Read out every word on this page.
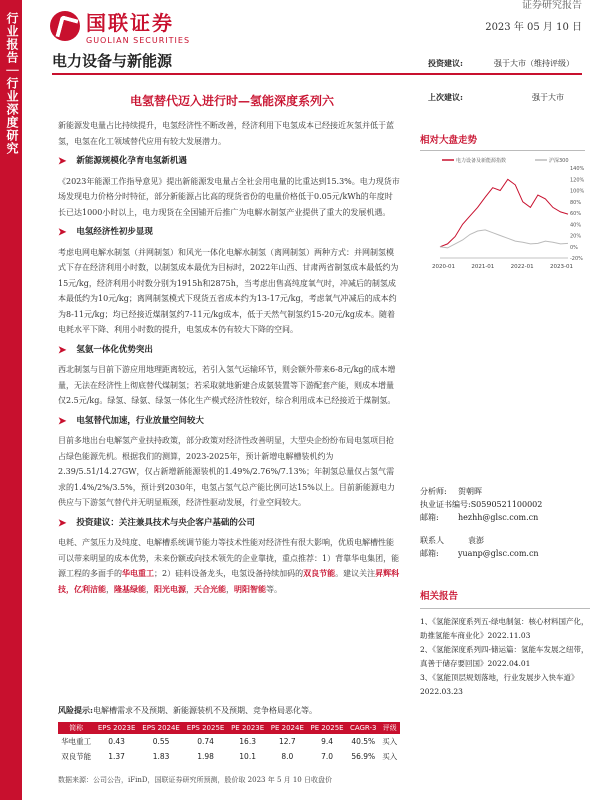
行业报告｜行业深度研究
证券研究报告
国联证券
GUOLIAN SECURITIES
2023 年 05 月 10 日
电力设备与新能源	投资建议:	强于大市（维持评级）
上次建议:	强于大市
电氢替代迈入进行时—氢能深度系列六

新能源发电量占比持续提升，电氢经济性不断改善，经济利用下电氢成本已经接近灰氢并低于蓝氢，电氢在化工领域替代应用有较大发展潜力。

➤ 新能源规模化孕育电氢新机遇

《2023年能源工作指导意见》提出新能源发电量占全社会用电量的比重达到15.3%。电力现货市场发现电力价格分时特征，部分新能源占比高的现货省份的电量价格低于0.05元/kWh的年度时长已达1000小时以上，电力现货在全国铺开后推广为电解水制氢产业提供了重大的发展机遇。

➤ 电氢经济性初步显现

考虑电网电解水制氢（并网制氢）和风光一体化电解水制氢（离网制氢）两种方式：并网制氢模式下存在经济利用小时数，以制氢成本最优为目标时，2022年山西、甘肃两省制氢成本最低约为15元/kg，经济利用小时数分别为1915h和2875h，当考虑出售高纯度氧气时，冲减后的制氢成本最低约为10元/kg；离网制氢模式下现货五省成本约为13-17元/kg，考虑氧气冲减后的成本约为8-11元/kg；均已经接近煤制氢约7-11元/kg成本，低于天然气制氢约15-20元/kg成本。随着电耗水平下降、利用小时数的提升，电氢成本仍有较大下降的空间。

➤ 氢氨一体化优势突出

西北制氢与目前下游应用地理距离较远，若引入氢气运输环节，则会额外带来6-8元/kg的成本增量，无法在经济性上彻底替代煤制氢；若采取就地新建合成氨装置等下游配套产能，则成本增量仅2.5元/kg。绿氢、绿氨、绿氢一体化生产模式经济性较好，综合利用成本已经接近于煤制氢。

➤ 电氢替代加速，行业放量空间较大

目前多地出台电解氢产业扶持政策，部分政策对经济性改善明显，大型央企纷纷布局电氢项目抢占绿色能源先机。根据我们的测算，2023-2025年，预计新增电解槽装机约为2.39/5.51/14.27GW，仅占新增新能源装机的1.49%/2.76%/7.13%；年制氢总量仅占氢气需求的1.4%/2%/3.5%，预计到2030年，电氢占氢气总产能比例可达15%以上。目前新能源电力供应与下游氢气替代并无明显瓶颈，经济性驱动发展，行业空间较大。

➤ 投资建议：关注兼具技术与央企客户基础的公司

电耗、产氢压力及纯度、电解槽系统调节能力等技术性能对经济性有很大影响，优质电解槽性能可以带来明显的成本优势，未来份额或向技术领先的企业靠拢，重点推荐：1）背靠华电集团，能源工程的多面手的华电重工；2）硅料设备龙头，电氢设备持续加码的双良节能。建议关注昇辉科技，亿利洁能，隆基绿能，阳光电源，天合光能，明阳智能等。

相对大盘走势
140%
120%
100%
80%
60%
40%
20%
0%
-20%
2020-01	2021-01	2022-01	2023-01
电力设备及新能源指数	沪深300
分析师:	贺朝晖
执业证书编号: S0590521100002
邮箱:	hezhh@glsc.com.cn
联系人	袁澎
邮箱:	yuanp@glsc.com.cn
相关报告
1、《氢能深度系列五-绿电制氢：核心材料国产化，助推氢能车商业化》2022.11.03
2、《氢能深度系列四-储运篇：氢能车发展之纽带，真善于储存要回国》2022.04.01
3、《氢能顶层规划落地，行业发展步入快车道》2022.03.23
风险提示:电解槽需求不及预期、新能源装机不及预期、竞争格局恶化等。
简称	EPS 2023E	EPS 2024E	EPS 2025E	PE 2023E	PE 2024E	PE 2025E	CAGR-3	评级
华电重工	0.43	0.55	0.74	16.3	12.7	9.4	40.5%	买入
双良节能	1.37	1.83	1.98	10.1	8.0	7.0	56.9%	买入
数据来源：公司公告，iFinD，国联证券研究所预测，股价取 2023 年 5 月 10 日收盘价
